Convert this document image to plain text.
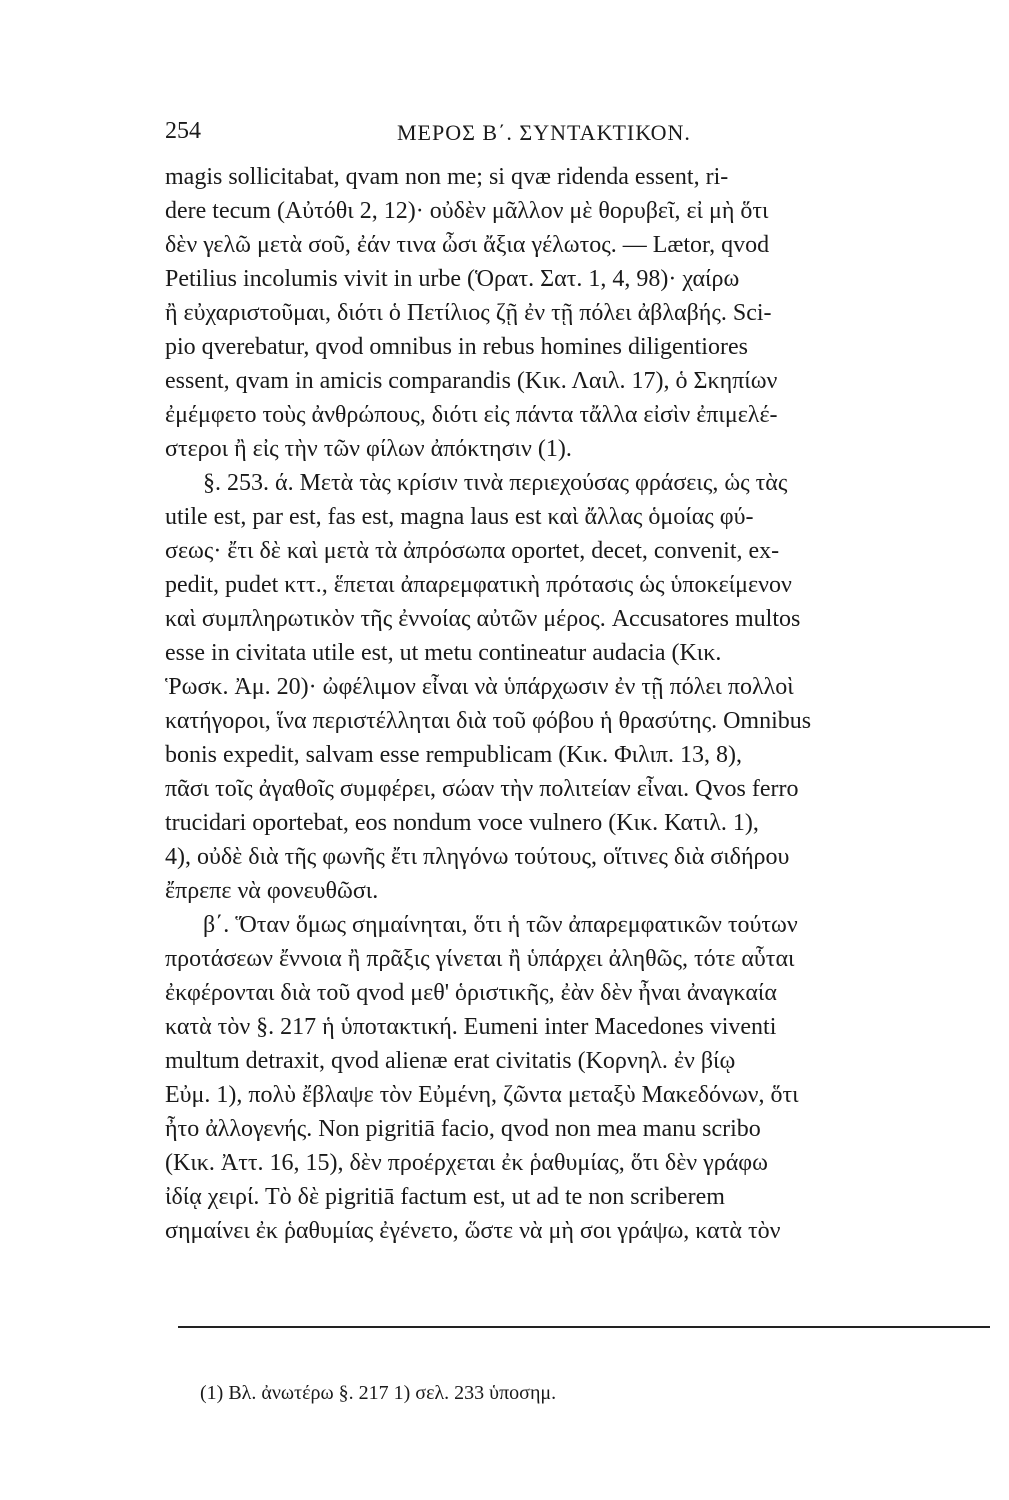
254	ΜΕΡΟΣ Β΄. ΣΥΝΤΑΚΤΙΚΟΝ.
magis sollicitabat, qvam non me; si qvæ ridenda essent, ri-
dere tecum (Αὐτόθι 2, 12)· οὐδὲν μᾶλλον μὲ θορυβεῖ, εἰ μὴ ὅτι
δὲν γελῶ μετὰ σοῦ, ἐάν τινα ὦσι ἄξια γέλωτος. — Lætor, qvod
Petilius incolumis vivit in urbe (Ὁρατ. Σατ. 1, 4, 98)· χαίρω
ἢ εὐχαριστοῦμαι, διότι ὁ Πετίλιος ζῇ ἐν τῇ πόλει ἀβλαβής. Sci-
pio qverebatur, qvod omnibus in rebus homines diligentiores
essent, qvam in amicis comparandis (Κικ. Λαιλ. 17), ὁ Σκηπίων
ἐμέμφετο τοὺς ἀνθρώπους, διότι εἰς πάντα τἄλλα εἰσὶν ἐπιμελέ-
στεροι ἢ εἰς τὴν τῶν φίλων ἀπόκτησιν (1).
§. 253. ά. Μετὰ τὰς κρίσιν τινὰ περιεχούσας φράσεις, ὡς τὰς
utile est, par est, fas est, magna laus est καὶ ἄλλας ὁμοίας φύ-
σεως· ἔτι δὲ καὶ μετὰ τὰ ἀπρόσωπα oportet, decet, convenit, ex-
pedit, pudet κττ., ἕπεται ἀπαρεμφατικὴ πρότασις ὡς ὑποκείμενον
καὶ συμπληρωτικὸν τῆς ἐννοίας αὐτῶν μέρος. Accusatores multos
esse in civitata utile est, ut metu contineatur audacia (Κικ.
Ῥωσκ. Ἀμ. 20)· ὠφέλιμον εἶναι νὰ ὑπάρχωσιν ἐν τῇ πόλει πολλοὶ
κατήγοροι, ἵνα περιστέλληται διὰ τοῦ φόβου ἡ θρασύτης. Omnibus
bonis expedit, salvam esse rempublicam (Κικ. Φιλιπ. 13, 8),
πᾶσι τοῖς ἀγαθοῖς συμφέρει, σώαν τὴν πολιτείαν εἶναι. Qvos ferro
trucidari oportebat, eos nondum voce vulnero (Κικ. Κατιλ. 1),
4), οὐδὲ διὰ τῆς φωνῆς ἔτι πληγόνω τούτους, οἵτινες διὰ σιδήρου
ἔπρεπε νὰ φονευθῶσι.
β΄. Ὅταν ὅμως σημαίνηται, ὅτι ἡ τῶν ἀπαρεμφατικῶν τούτων
προτάσεων ἔννοια ἢ πρᾶξις γίνεται ἢ ὑπάρχει ἀληθῶς, τότε αὗται
ἐκφέρονται διὰ τοῦ qvod μεθ' ὁριστικῆς, ἐὰν δὲν ἦναι ἀναγκαία
κατὰ τὸν §. 217 ἡ ὑποτακτική. Eumeni inter Macedones viventi
multum detraxit, qvod alienæ erat civitatis (Κορνηλ. ἐν βίῳ
Εὐμ. 1), πολὺ ἔβλαψε τὸν Εὐμένη, ζῶντα μεταξὺ Μακεδόνων, ὅτι
ἦτο ἀλλογενής. Non pigritiā facio, qvod non mea manu scribo
(Κικ. Ἀττ. 16, 15), δὲν προέρχεται ἐκ ῥαθυμίας, ὅτι δὲν γράφω
ἰδίᾳ χειρί. Τὸ δὲ pigritiā factum est, ut ad te non scriberem
σημαίνει ἐκ ῥαθυμίας ἐγένετο, ὥστε νὰ μὴ σοι γράψω, κατὰ τὸν
(1) Βλ. ἀνωτέρω §. 217 1) σελ. 233 ὑποσημ.
